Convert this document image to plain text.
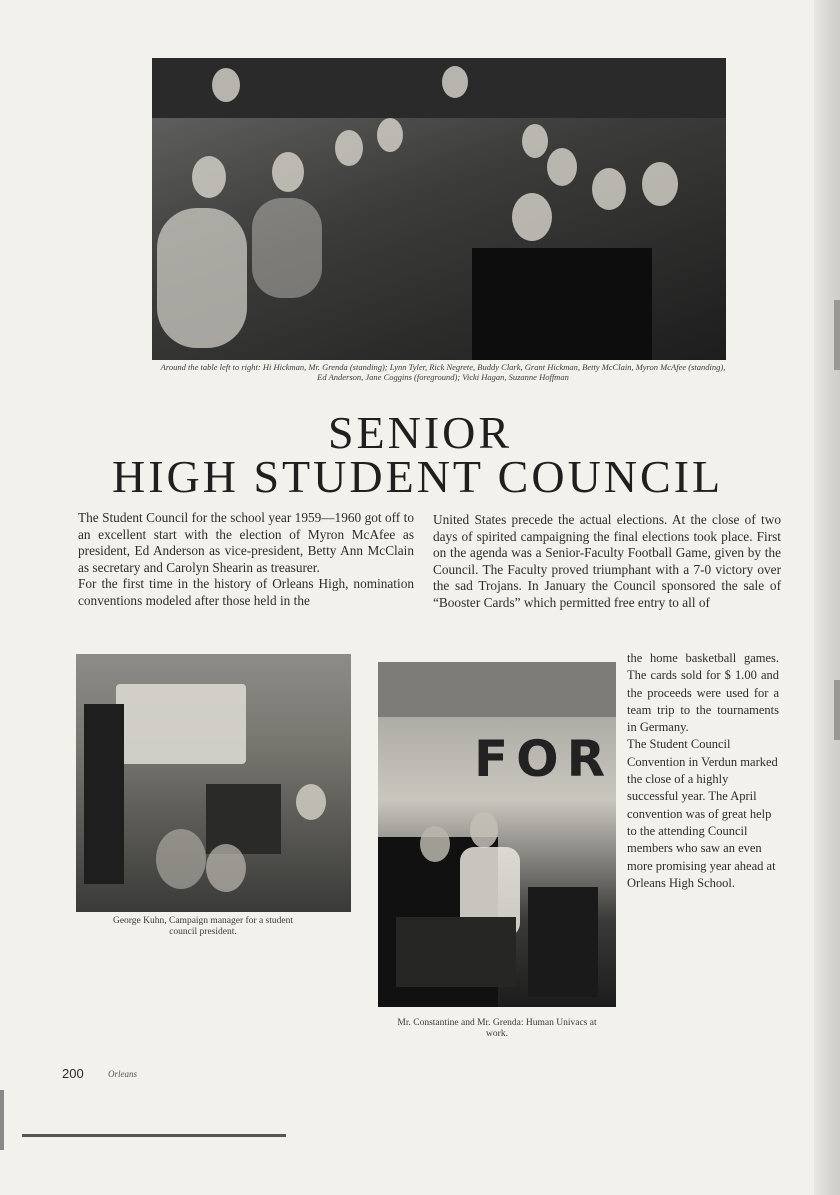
Around the table left to right: Hi Hickman, Mr. Grenda (standing); Lynn Tyler, Rick Negrete, Buddy Clark, Grant Hickman, Betty McClain, Myron McAfee (standing), Ed Anderson, Jane Coggins (foreground); Vicki Hagan, Suzanne Hoffman
SENIOR
HIGH STUDENT COUNCIL

The Student Council for the school year 1959—1960 got off to an excellent start with the election of Myron McAfee as president, Ed Anderson as vice-president, Betty Ann McClain as secretary and Carolyn Shearin as treasurer.

For the first time in the history of Orleans High, nomination conventions modeled after those held in the

United States precede the actual elections. At the close of two days of spirited campaigning the final elections took place. First on the agenda was a Senior-Faculty Football Game, given by the Council. The Faculty proved triumphant with a 7-0 victory over the sad Trojans. In January the Council sponsored the sale of “Booster Cards” which permitted free entry to all of

George Kuhn, Campaign manager for a student council president.
FOR
Mr. Constantine and Mr. Grenda: Human Univacs at work.

the home basketball games. The cards sold for $ 1.00 and the proceeds were used for a team trip to the tournaments in Germany.

The Student Council Convention in Verdun marked the close of a highly successful year. The April convention was of great help to the attending Council members who saw an even more promising year ahead at Orleans High School.

200	Orleans
